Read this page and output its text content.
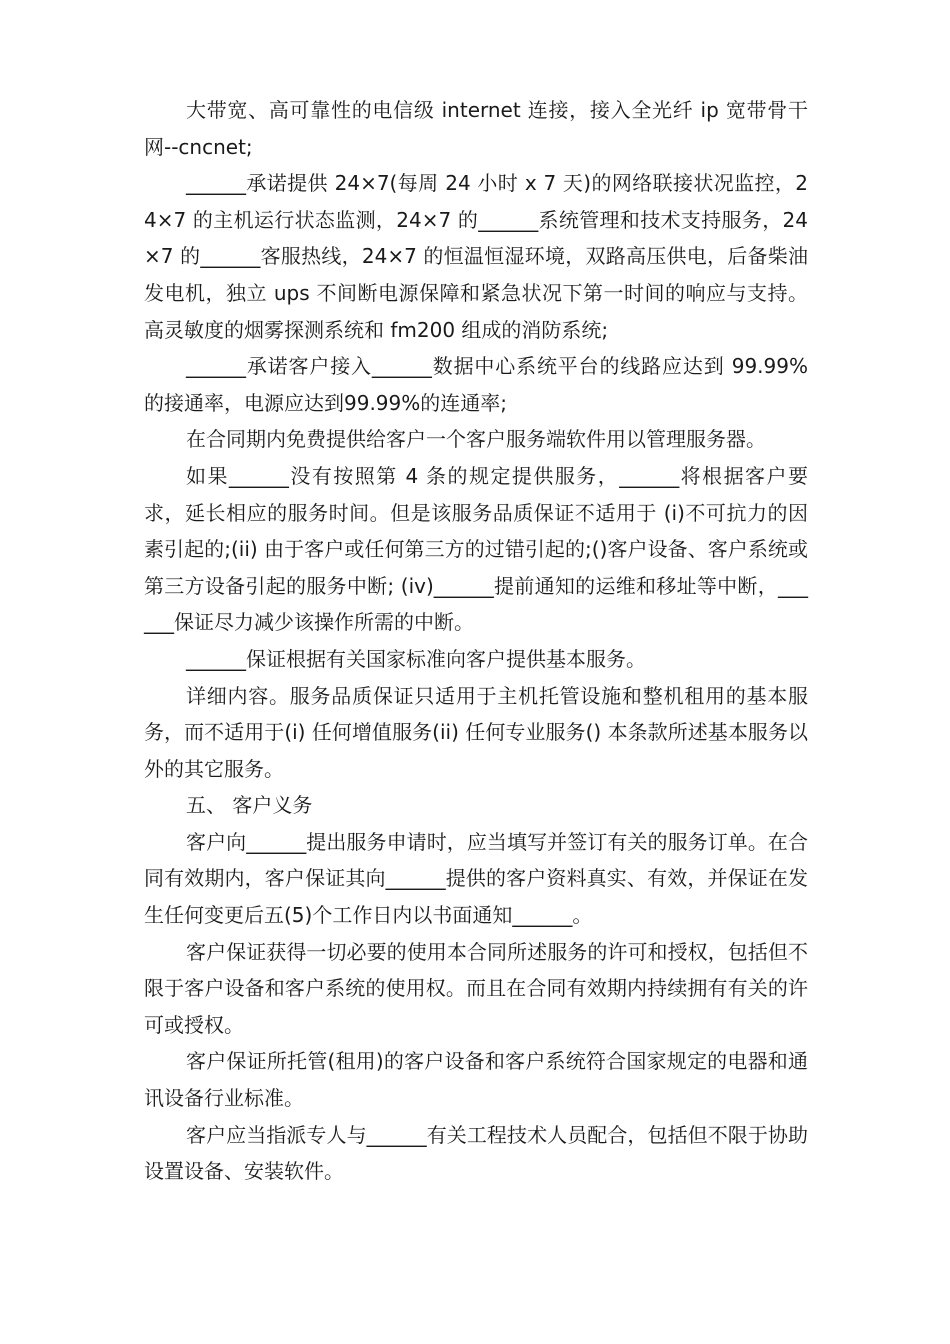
大带宽、高可靠性的电信级 internet 连接，接入全光纤 ip 宽带骨干网--cncnet;

______承诺提供 24×7(每周 24 小时 x 7 天)的网络联接状况监控，24×7 的主机运行状态监测，24×7 的______系统管理和技术支持服务，24×7 的______客服热线，24×7 的恒温恒湿环境，双路高压供电，后备柴油发电机，独立 ups 不间断电源保障和紧急状况下第一时间的响应与支持。高灵敏度的烟雾探测系统和 fm200 组成的消防系统;

______承诺客户接入______数据中心系统平台的线路应达到 99.99%的接通率，电源应达到99.99%的连通率;

在合同期内免费提供给客户一个客户服务端软件用以管理服务器。

如果______没有按照第 4 条的规定提供服务，______将根据客户要求，延长相应的服务时间。但是该服务品质保证不适用于 (i)不可抗力的因素引起的;(ii) 由于客户或任何第三方的过错引起的;()客户设备、客户系统或第三方设备引起的服务中断; (iv)______提前通知的运维和移址等中断，______保证尽力减少该操作所需的中断。

______保证根据有关国家标准向客户提供基本服务。

详细内容。服务品质保证只适用于主机托管设施和整机租用的基本服务，而不适用于(i) 任何增值服务(ii) 任何专业服务() 本条款所述基本服务以外的其它服务。

五、 客户义务

客户向______提出服务申请时，应当填写并签订有关的服务订单。在合同有效期内，客户保证其向______提供的客户资料真实、有效，并保证在发生任何变更后五(5)个工作日内以书面通知______。

客户保证获得一切必要的使用本合同所述服务的许可和授权，包括但不限于客户设备和客户系统的使用权。而且在合同有效期内持续拥有有关的许可或授权。

客户保证所托管(租用)的客户设备和客户系统符合国家规定的电器和通讯设备行业标准。

客户应当指派专人与______有关工程技术人员配合，包括但不限于协助设置设备、安装软件。
